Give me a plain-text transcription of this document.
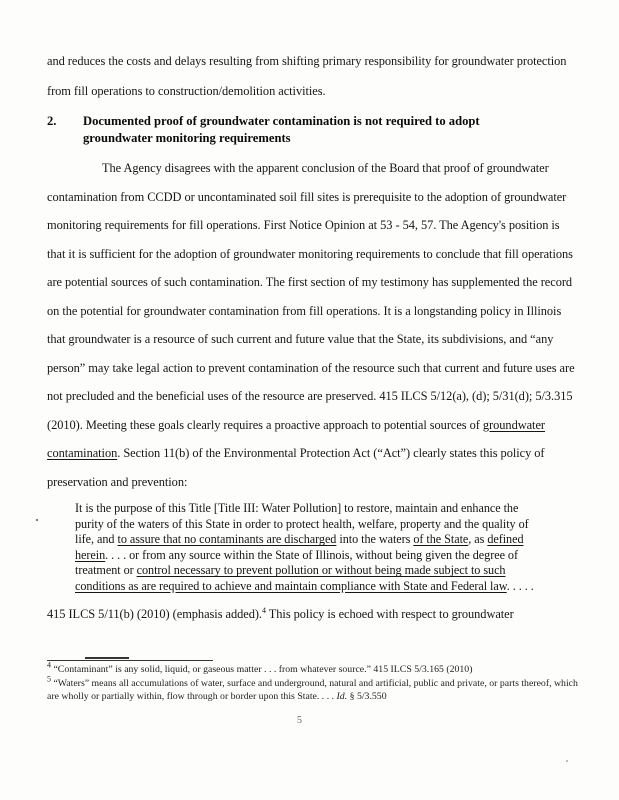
and reduces the costs and delays resulting from shifting primary responsibility for groundwater protection from fill operations to construction/demolition activities.

2.	Documented proof of groundwater contamination is not required to adopt groundwater monitoring requirements

The Agency disagrees with the apparent conclusion of the Board that proof of groundwater contamination from CCDD or uncontaminated soil fill sites is prerequisite to the adoption of groundwater monitoring requirements for fill operations. First Notice Opinion at 53 - 54, 57. The Agency's position is that it is sufficient for the adoption of groundwater monitoring requirements to conclude that fill operations are potential sources of such contamination. The first section of my testimony has supplemented the record on the potential for groundwater contamination from fill operations. It is a longstanding policy in Illinois that groundwater is a resource of such current and future value that the State, its subdivisions, and “any person” may take legal action to prevent contamination of the resource such that current and future uses are not precluded and the beneficial uses of the resource are preserved. 415 ILCS 5/12(a), (d); 5/31(d); 5/3.315 (2010). Meeting these goals clearly requires a proactive approach to potential sources of groundwater contamination. Section 11(b) of the Environmental Protection Act (“Act”) clearly states this policy of preservation and prevention:

It is the purpose of this Title [Title III: Water Pollution] to restore, maintain and enhance the purity of the waters of this State in order to protect health, welfare, property and the quality of life, and to assure that no contaminants are discharged into the waters of the State, as defined herein. . . . or from any source within the State of Illinois, without being given the degree of treatment or control necessary to prevent pollution or without being made subject to such conditions as are required to achieve and maintain compliance with State and Federal law. . . . .

415 ILCS 5/11(b) (2010) (emphasis added).$^4$ This policy is echoed with respect to groundwater

$^4$ “Contaminant” is any solid, liquid, or gaseous matter . . . from whatever source.” 415 ILCS 5/3.165 (2010)

$^5$ “Waters” means all accumulations of water, surface and underground, natural and artificial, public and private, or parts thereof, which are wholly or partially within, flow through or border upon this State. . . . Id. § 5/3.550

5
